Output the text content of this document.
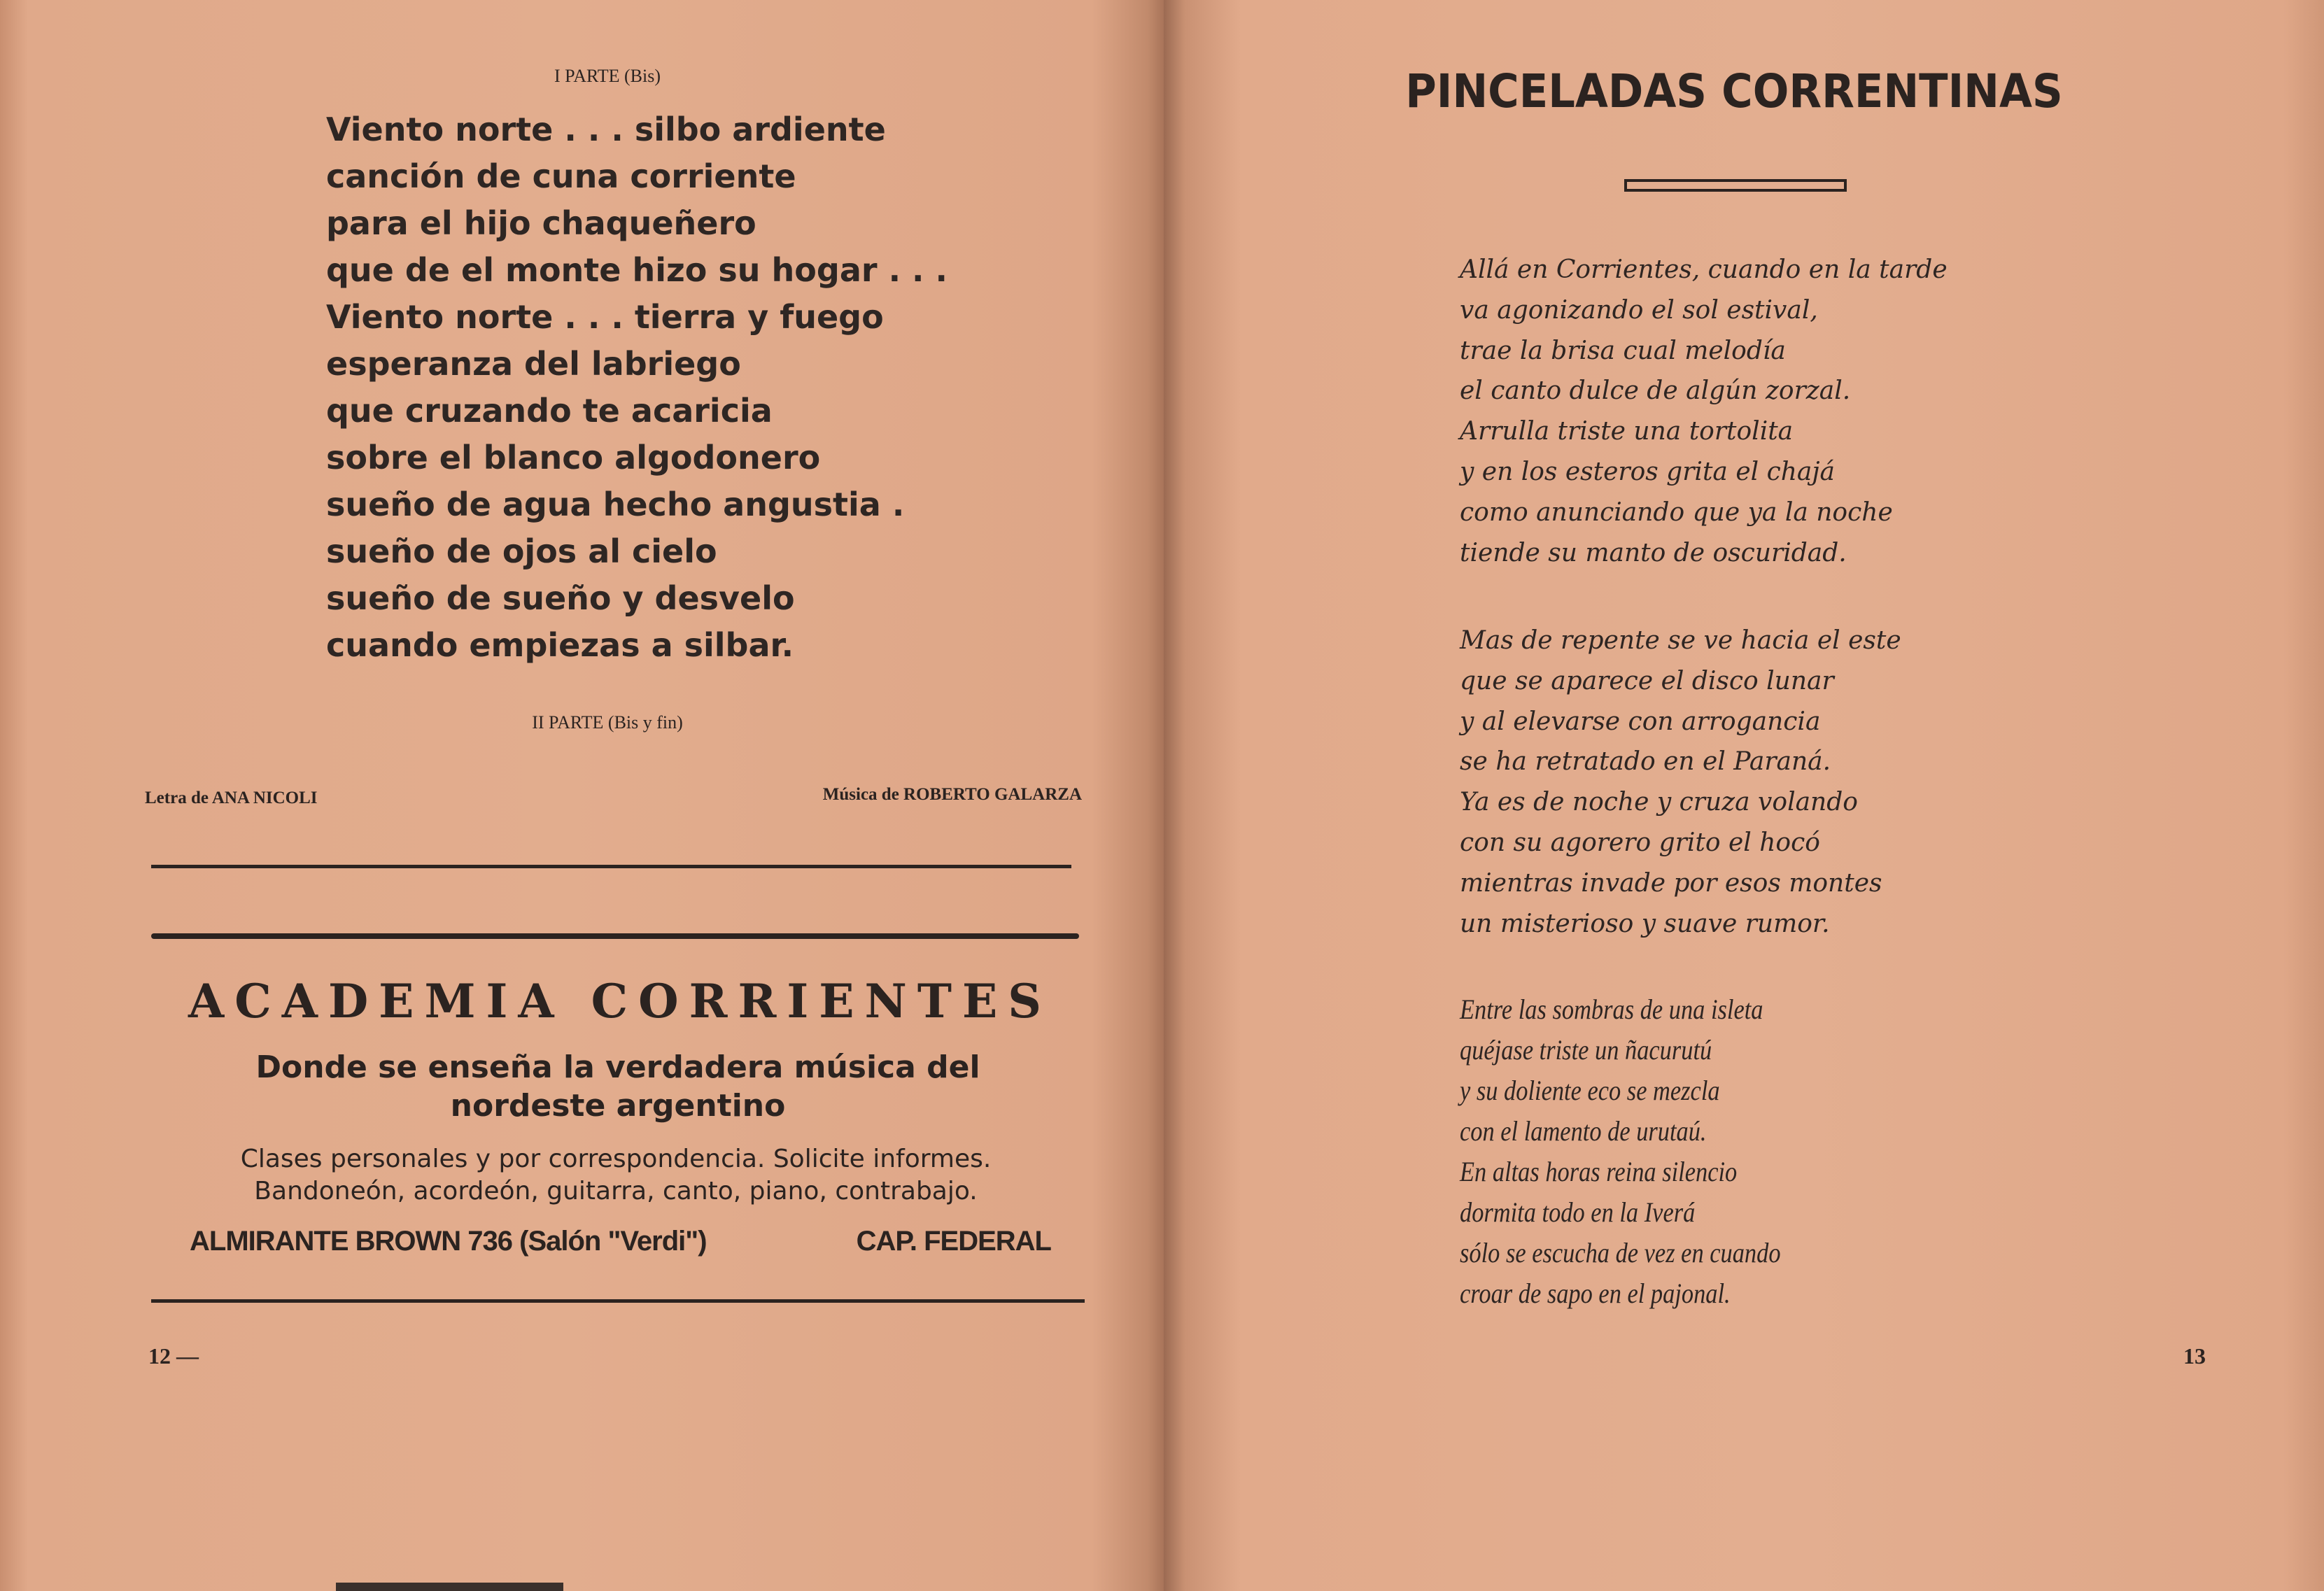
I PARTE (Bis)
Viento norte . . . silbo ardiente
canción de cuna corriente
para el hijo chaqueñero
que de el monte hizo su hogar . . .
Viento norte . . . tierra y fuego
esperanza del labriego
que cruzando te acaricia
sobre el blanco algodonero
sueño de agua hecho angustia .
sueño de ojos al cielo
sueño de sueño y desvelo
cuando empiezas a silbar.
II PARTE (Bis y fin)
Letra de ANA NICOLI	Música de ROBERTO GALARZA
ACADEMIA CORRIENTES
Donde se enseña la verdadera música del
nordeste argentino
Clases personales y por correspondencia. Solicite informes.
Bandoneón, acordeón, guitarra, canto, piano, contrabajo.
ALMIRANTE BROWN 736 (Salón "Verdi")	CAP. FEDERAL
12 —
PINCELADAS CORRENTINAS
Allá en Corrientes, cuando en la tarde
va agonizando el sol estival,
trae la brisa cual melodía
el canto dulce de algún zorzal.
Arrulla triste una tortolita
y en los esteros grita el chajá
como anunciando que ya la noche
tiende su manto de oscuridad.
Mas de repente se ve hacia el este
que se aparece el disco lunar
y al elevarse con arrogancia
se ha retratado en el Paraná.
Ya es de noche y cruza volando
con su agorero grito el hocó
mientras invade por esos montes
un misterioso y suave rumor.
Entre las sombras de una isleta
quéjase triste un ñacurutú
y su doliente eco se mezcla
con el lamento de urutaú.
En altas horas reina silencio
dormita todo en la Iverá
sólo se escucha de vez en cuando
croar de sapo en el pajonal.
13
